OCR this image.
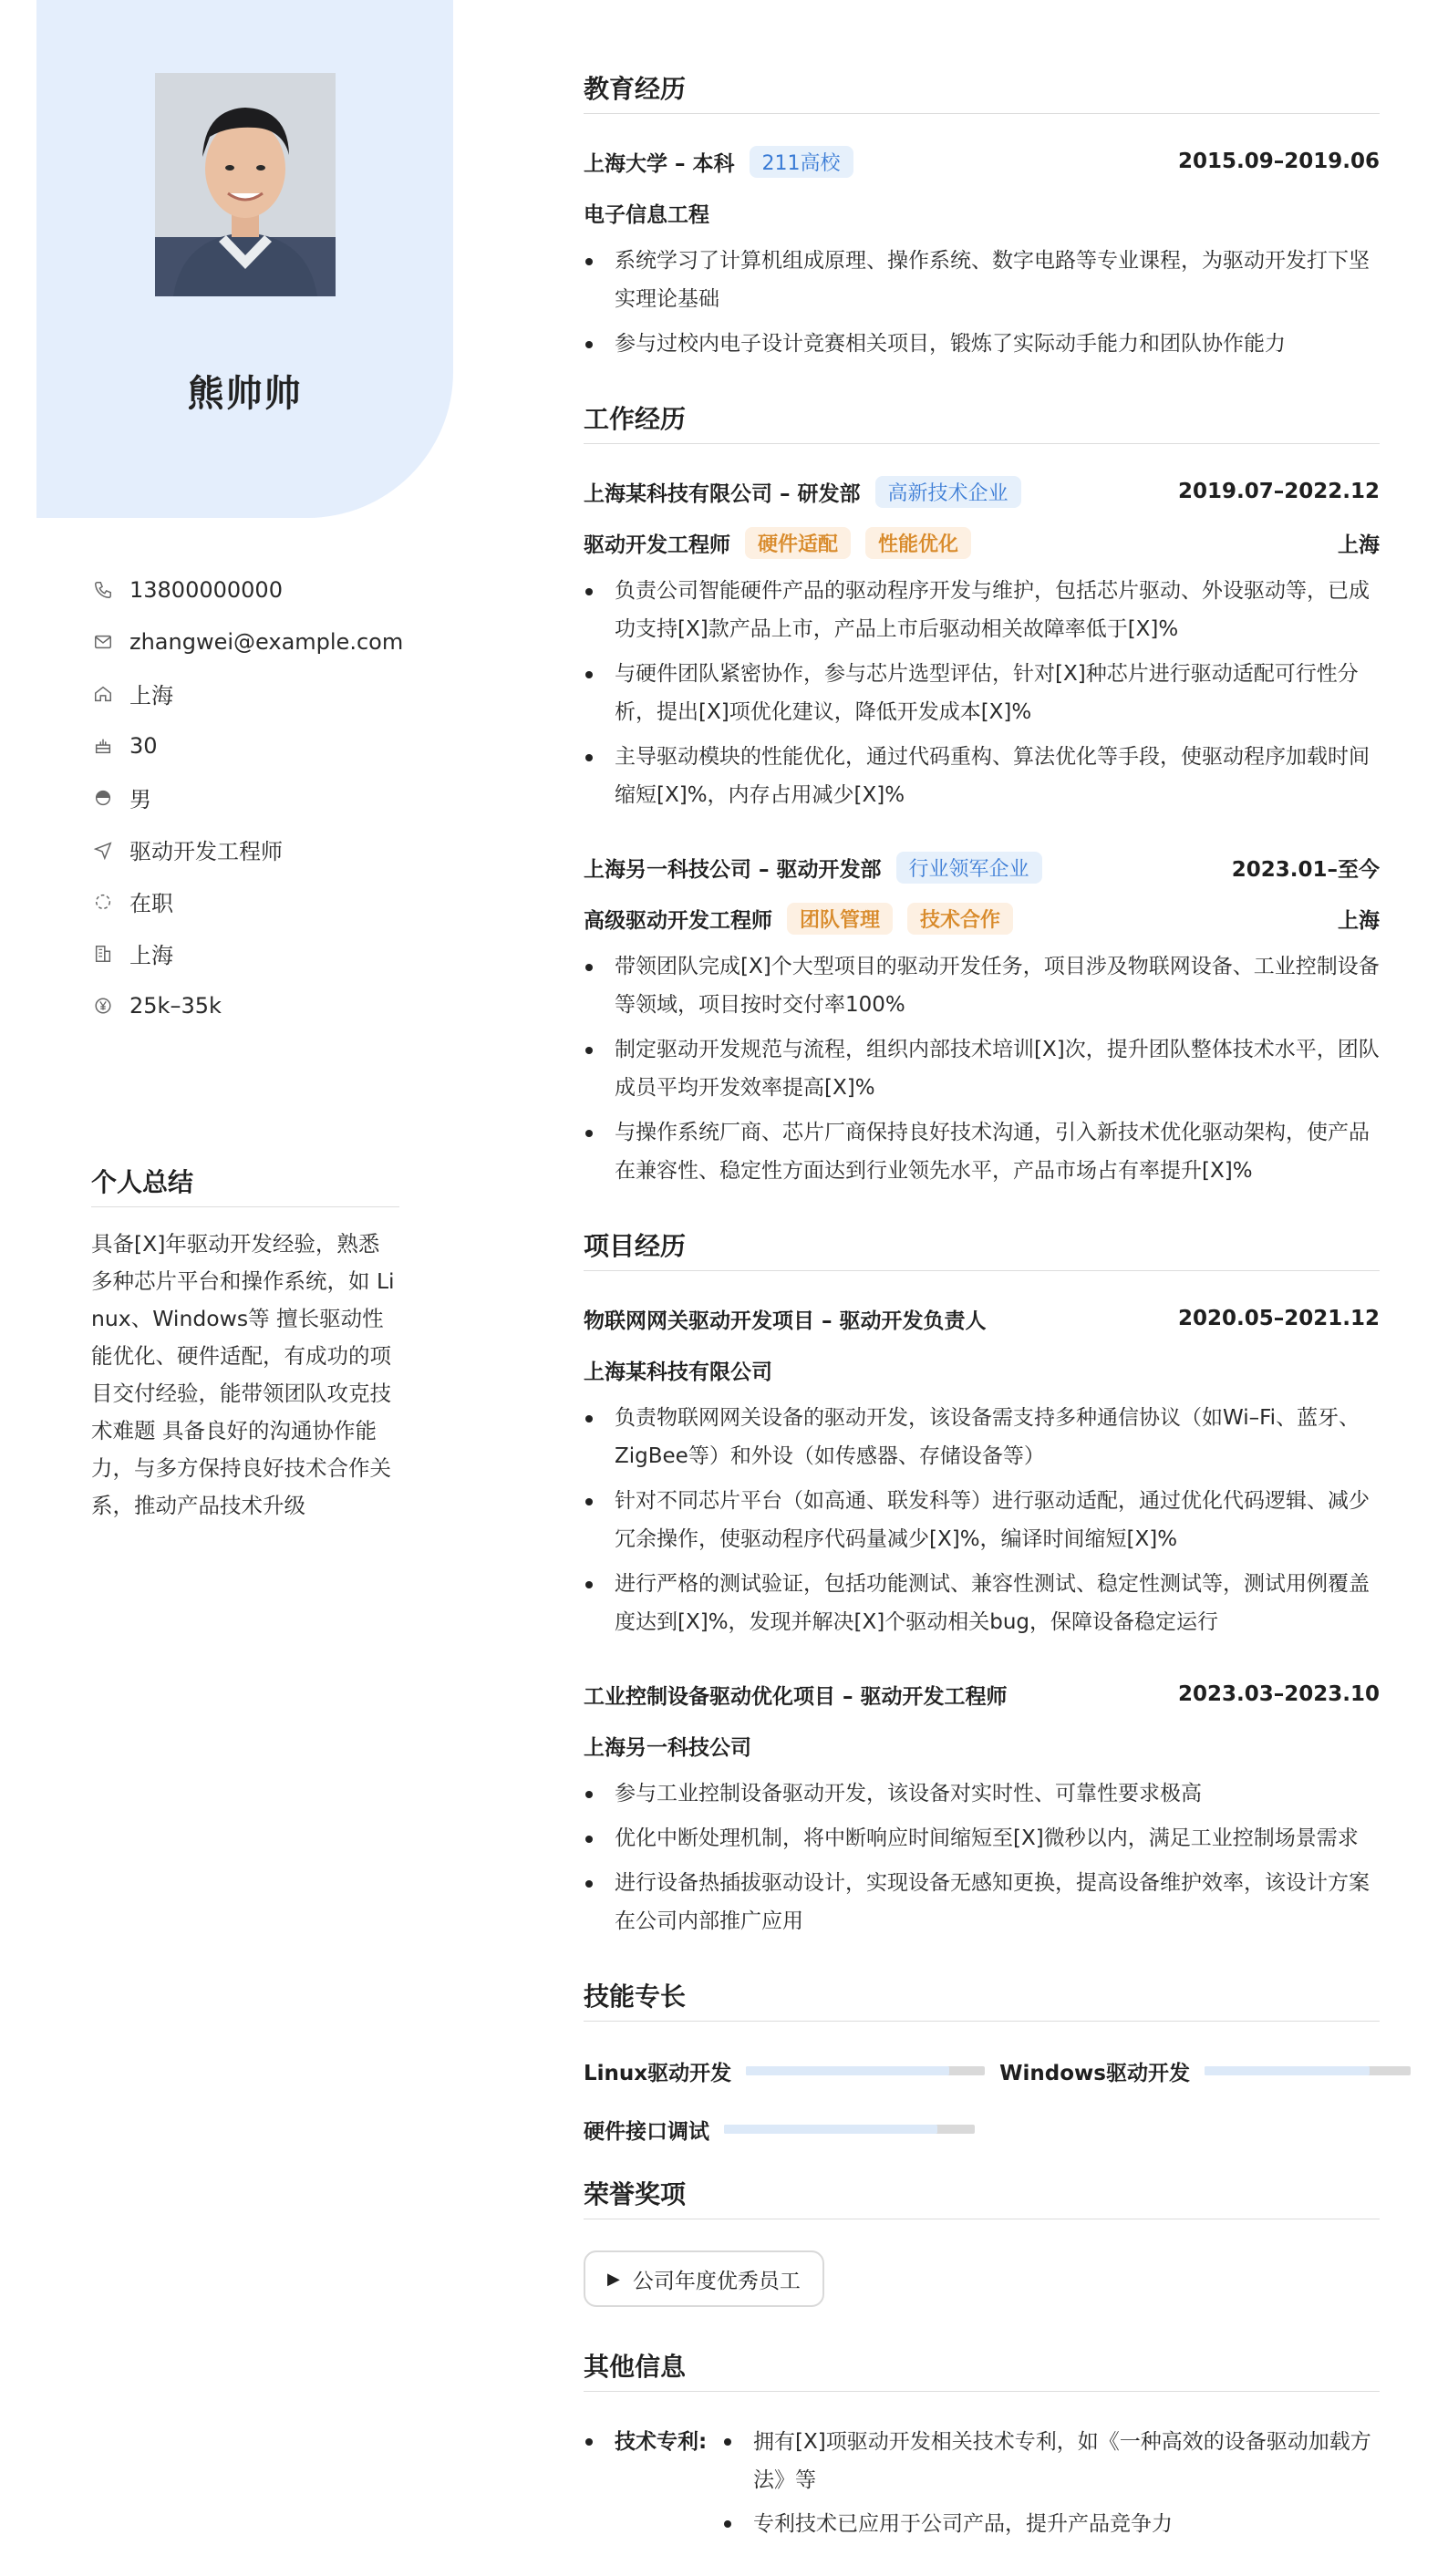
熊帅帅
13800000000
zhangwei@example.com
上海
30
男
驱动开发工程师
在职
上海
25k–35k
个人总结
具备[X]年驱动开发经验，熟悉多种芯片平台和操作系统，如 Linux、Windows等 擅长驱动性能优化、硬件适配，有成功的项目交付经验，能带领团队攻克技术难题 具备良好的沟通协作能力，与多方保持良好技术合作关系，推动产品技术升级
教育经历
上海大学 – 本科	211高校	2015.09–2019.06
电子信息工程
系统学习了计算机组成原理、操作系统、数字电路等专业课程，为驱动开发打下坚实理论基础
参与过校内电子设计竞赛相关项目，锻炼了实际动手能力和团队协作能力
工作经历
上海某科技有限公司 – 研发部	高新技术企业	2019.07–2022.12
驱动开发工程师	硬件适配	性能优化	上海
负责公司智能硬件产品的驱动程序开发与维护，包括芯片驱动、外设驱动等，已成功支持[X]款产品上市，产品上市后驱动相关故障率低于[X]%
与硬件团队紧密协作，参与芯片选型评估，针对[X]种芯片进行驱动适配可行性分析，提出[X]项优化建议，降低开发成本[X]%
主导驱动模块的性能优化，通过代码重构、算法优化等手段，使驱动程序加载时间缩短[X]%，内存占用减少[X]%
上海另一科技公司 – 驱动开发部	行业领军企业	2023.01–至今
高级驱动开发工程师	团队管理	技术合作	上海
带领团队完成[X]个大型项目的驱动开发任务，项目涉及物联网设备、工业控制设备等领域，项目按时交付率100%
制定驱动开发规范与流程，组织内部技术培训[X]次，提升团队整体技术水平，团队成员平均开发效率提高[X]%
与操作系统厂商、芯片厂商保持良好技术沟通，引入新技术优化驱动架构，使产品在兼容性、稳定性方面达到行业领先水平，产品市场占有率提升[X]%
项目经历
物联网网关驱动开发项目 – 驱动开发负责人	2020.05–2021.12
上海某科技有限公司
负责物联网网关设备的驱动开发，该设备需支持多种通信协议（如Wi–Fi、蓝牙、ZigBee等）和外设（如传感器、存储设备等）
针对不同芯片平台（如高通、联发科等）进行驱动适配，通过优化代码逻辑、减少冗余操作，使驱动程序代码量减少[X]%，编译时间缩短[X]%
进行严格的测试验证，包括功能测试、兼容性测试、稳定性测试等，测试用例覆盖度达到[X]%，发现并解决[X]个驱动相关bug，保障设备稳定运行
工业控制设备驱动优化项目 – 驱动开发工程师	2023.03–2023.10
上海另一科技公司
参与工业控制设备驱动开发，该设备对实时性、可靠性要求极高
优化中断处理机制，将中断响应时间缩短至[X]微秒以内，满足工业控制场景需求
进行设备热插拔驱动设计，实现设备无感知更换，提高设备维护效率，该设计方案在公司内部推广应用
技能专长
Linux驱动开发	Windows驱动开发
硬件接口调试
荣誉奖项
▶ 公司年度优秀员工
其他信息
技术专利:	拥有[X]项驱动开发相关技术专利，如《一种高效的设备驱动加载方法》等
专利技术已应用于公司产品，提升产品竞争力
